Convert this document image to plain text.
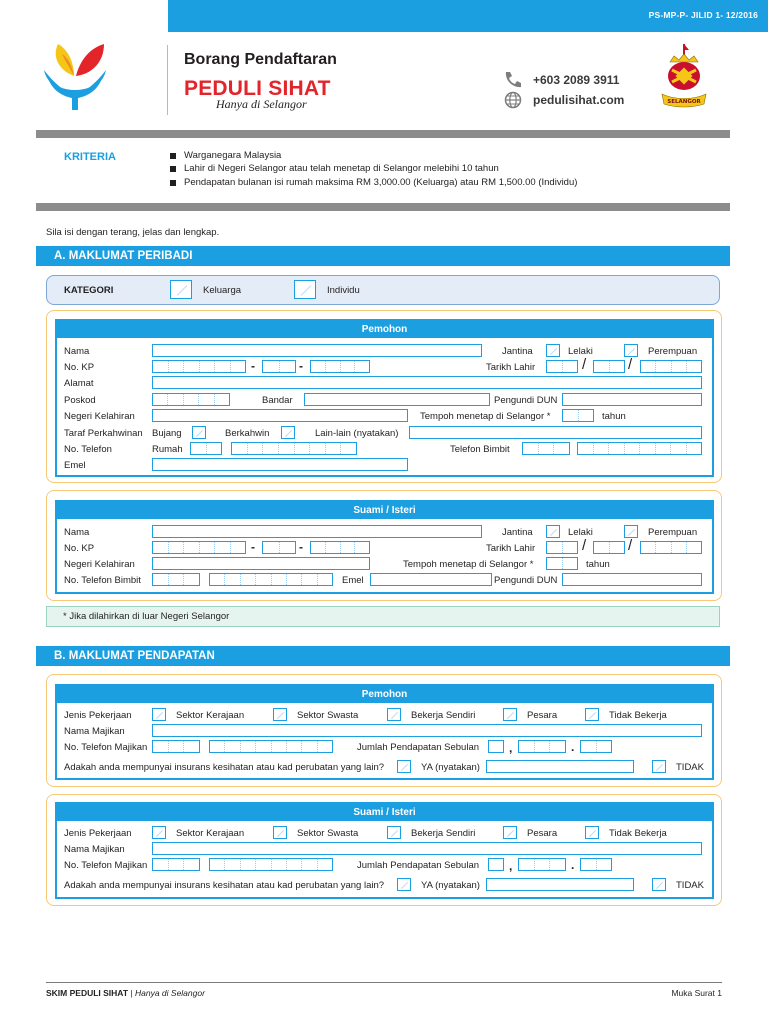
PS-MP-P- JILID 1- 12/2016
Borang Pendaftaran
PEDULI SIHAT
Hanya di Selangor
+603 2089 3911
pedulisihat.com	SELANGOR
KRITERIA	Warganegara Malaysia
Lahir di Negeri Selangor atau telah menetap di Selangor melebihi 10 tahun
Pendapatan bulanan isi rumah maksima RM 3,000.00 (Keluarga) atau RM 1,500.00 (Individu)
Sila isi dengan terang, jelas dan lengkap.
A. MAKLUMAT PERIBADI
KATEGORI	Keluarga	Individu
Pemohon
Nama	Jantina	Lelaki	Perempuan
No. KP	-	-	Tarikh Lahir	/	/
Alamat
Poskod	Bandar	Pengundi DUN
Negeri Kelahiran	Tempoh menetap di Selangor *	tahun
Taraf Perkahwinan Bujang	Berkahwin	Lain-lain (nyatakan)
No. Telefon	Rumah	Telefon Bimbit
Emel
Suami / Isteri
Nama	Jantina	Lelaki	Perempuan
No. KP	-	-	Tarikh Lahir	/	/
Negeri Kelahiran	Tempoh menetap di Selangor *	tahun
No. Telefon Bimbit	Emel	Pengundi DUN
* Jika dilahirkan di luar Negeri Selangor
B. MAKLUMAT PENDAPATAN
Pemohon
Jenis Pekerjaan	Sektor Kerajaan	Sektor Swasta	Bekerja Sendiri	Pesara	Tidak Bekerja
Nama Majikan
No. Telefon Majikan	Jumlah Pendapatan Sebulan ,	.
Adakah anda mempunyai insurans kesihatan atau kad perubatan yang lain?	YA (nyatakan)	TIDAK
Suami / Isteri
Jenis Pekerjaan	Sektor Kerajaan	Sektor Swasta	Bekerja Sendiri	Pesara	Tidak Bekerja
Nama Majikan
No. Telefon Majikan	Jumlah Pendapatan Sebulan ,	.
Adakah anda mempunyai insurans kesihatan atau kad perubatan yang lain?	YA (nyatakan)	TIDAK
SKIM PEDULI SIHAT | Hanya di Selangor	Muka Surat 1
